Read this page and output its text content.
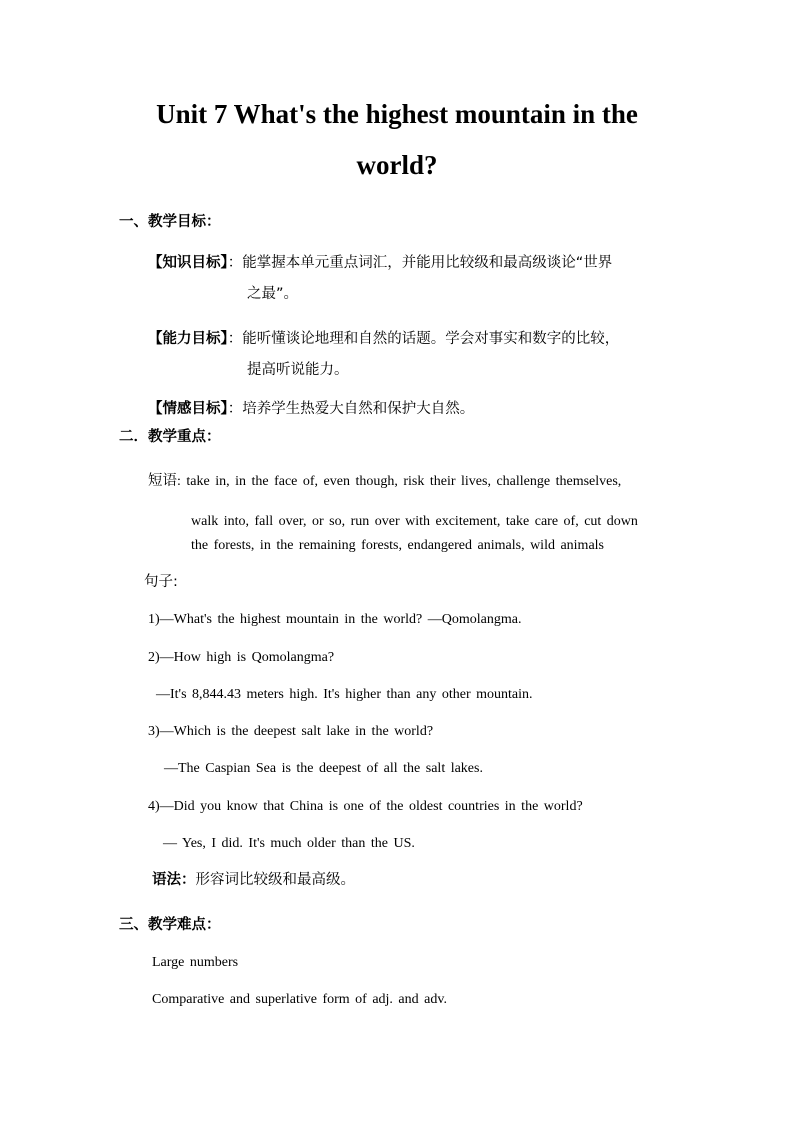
Unit 7 What's the highest mountain in the
world?
一、教学目标：
【知识目标】：能掌握本单元重点词汇，并能用比较级和最高级谈论“世界
之最”。
【能力目标】：能听懂谈论地理和自然的话题。学会对事实和数字的比较，
提高听说能力。
【情感目标】：培养学生热爱大自然和保护大自然。
二．教学重点：
短语: take in, in the face of, even though, risk their lives, challenge themselves,
walk into, fall over, or so, run over with excitement, take care of, cut down
the forests, in the remaining forests, endangered animals, wild animals
句子:
1)—What's the highest mountain in the world? —Qomolangma.
2)—How high is Qomolangma?
—It's 8,844.43 meters high. It's higher than any other mountain.
3)—Which is the deepest salt lake in the world?
—The Caspian Sea is the deepest of all the salt lakes.
4)—Did you know that China is one of the oldest countries in the world?
— Yes, I did. It's much older than the US.
语法：形容词比较级和最高级。
三、教学难点：
Large numbers
Comparative and superlative form of adj. and adv.
